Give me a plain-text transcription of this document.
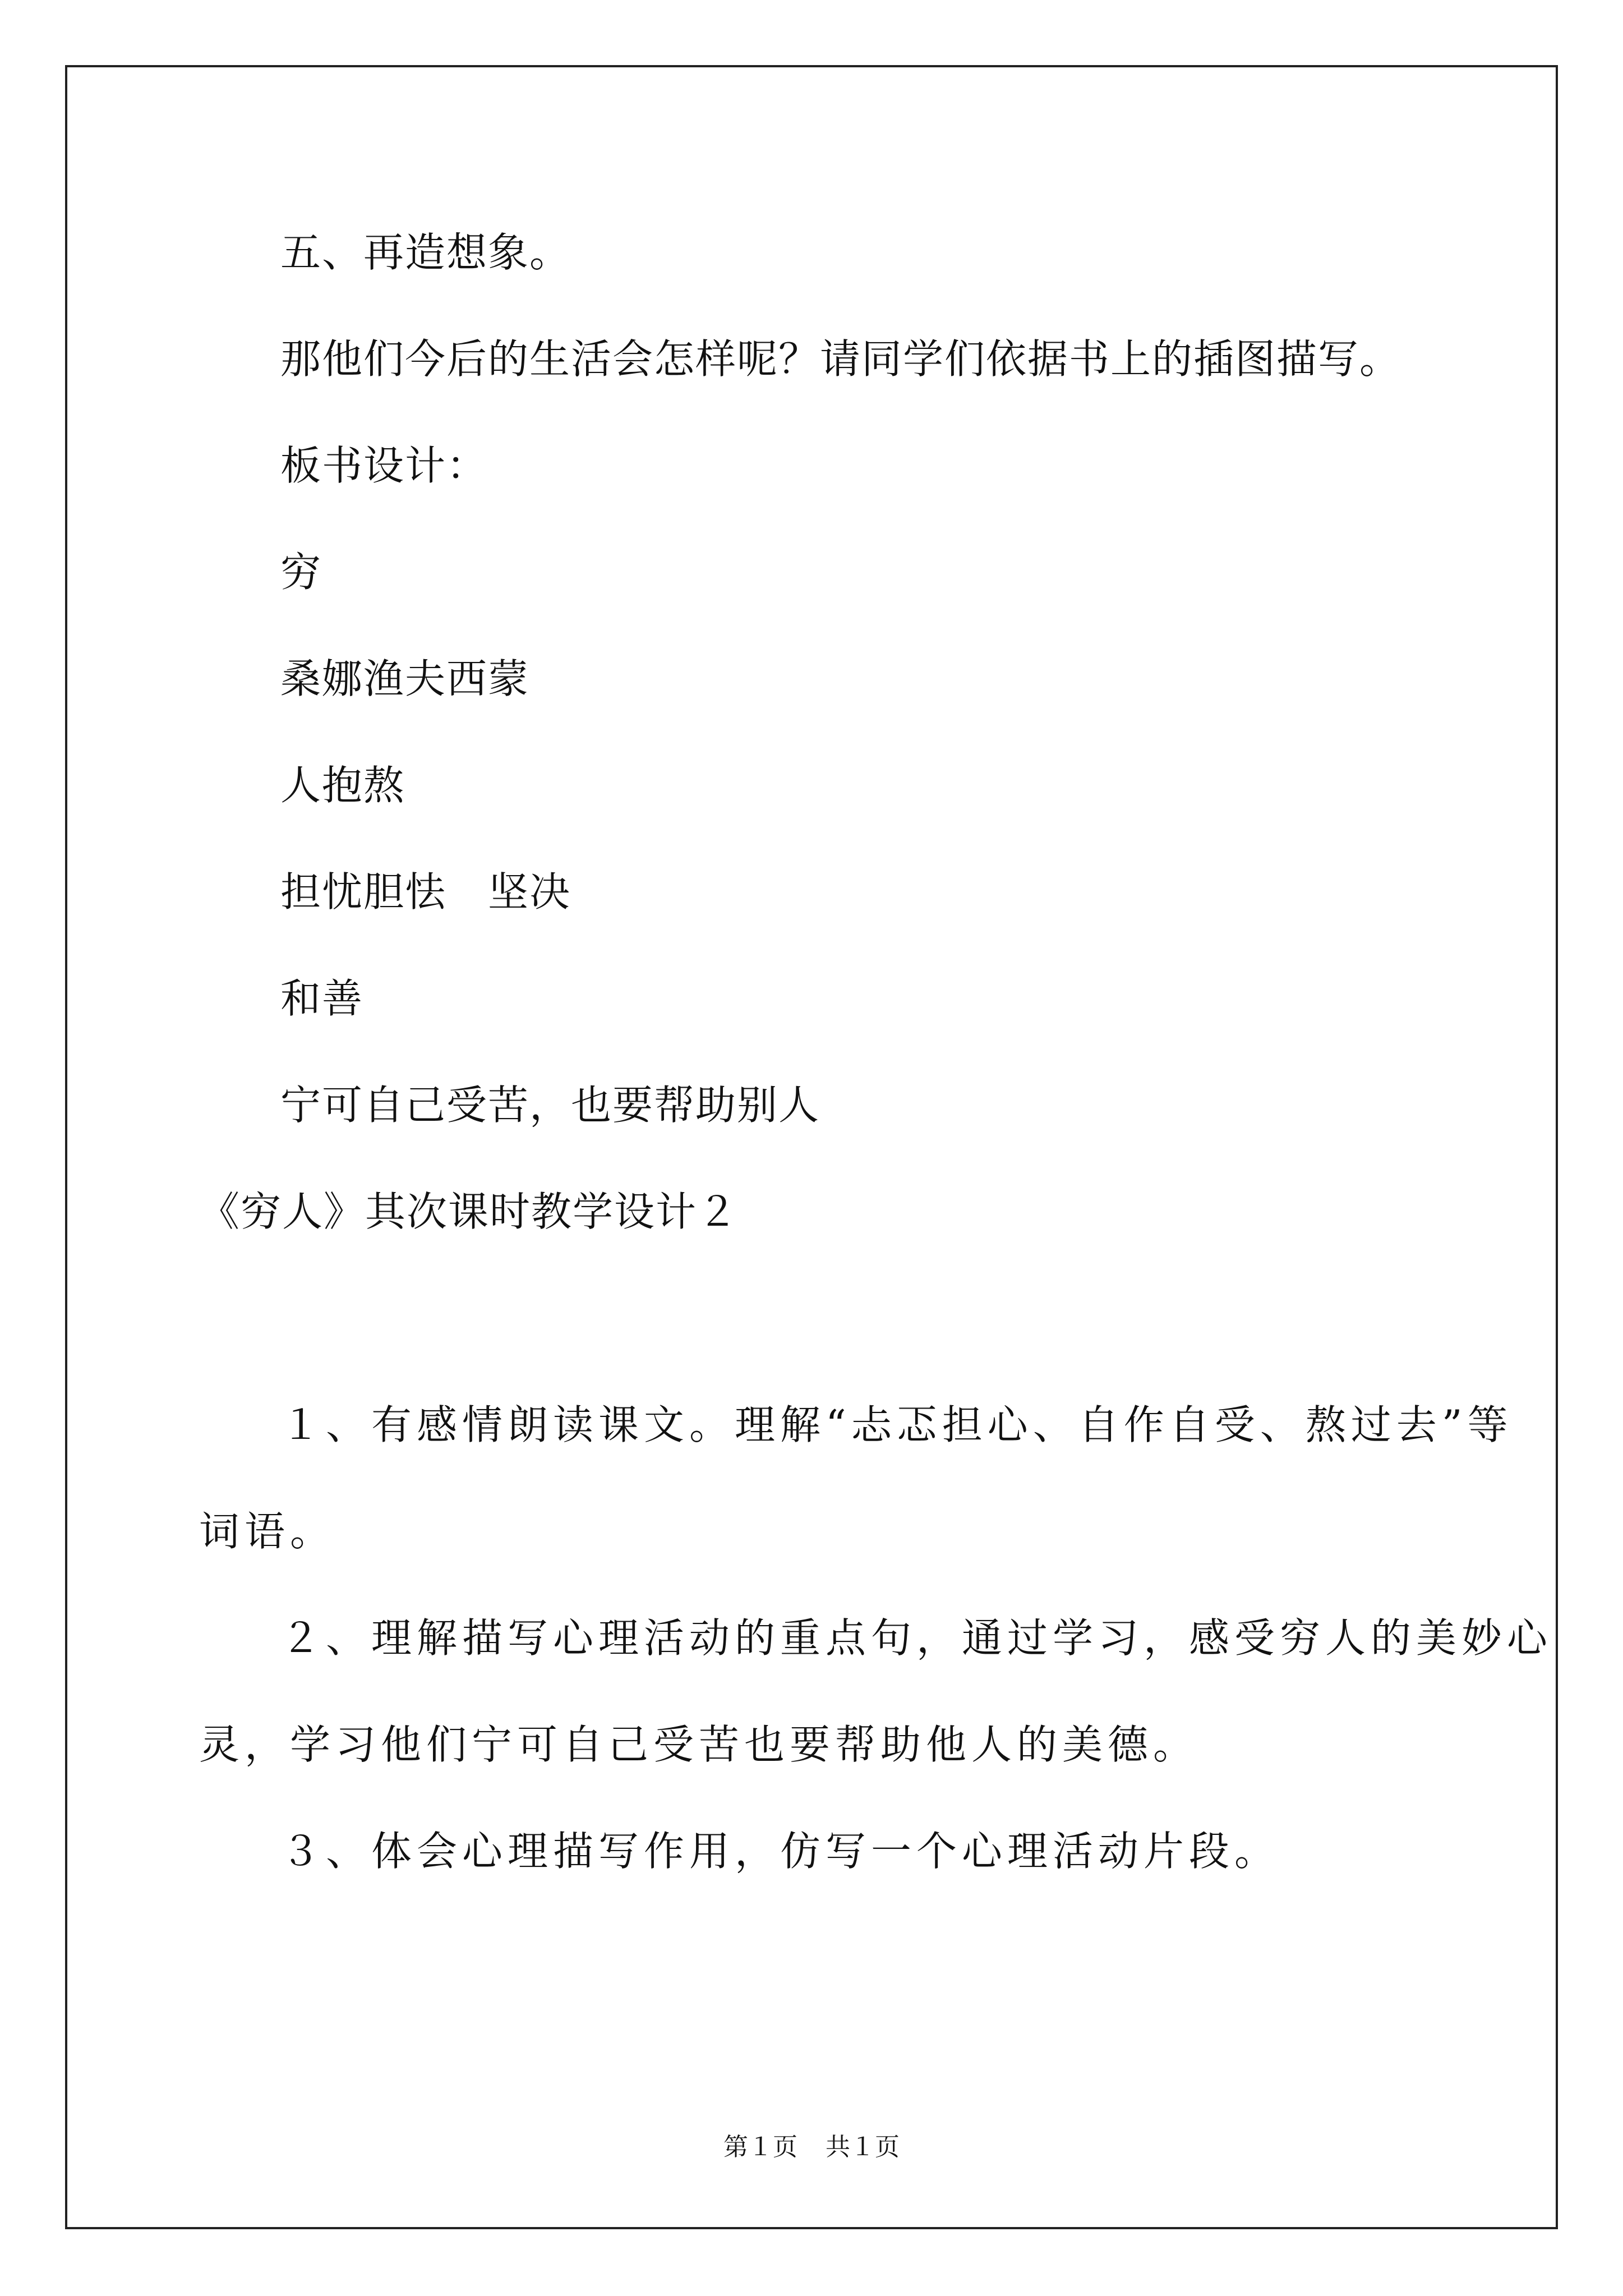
五、再造想象。
那他们今后的生活会怎样呢？请同学们依据书上的插图描写。
板书设计：
穷
桑娜渔夫西蒙
人抱熬
担忧胆怯　坚决
和善
宁可自己受苦，也要帮助别人
《穷人》其次课时教学设计２
１、有感情朗读课文。理解“忐忑担心、自作自受、熬过去”等
词语。
２、理解描写心理活动的重点句，通过学习，感受穷人的美妙心
灵，学习他们宁可自己受苦也要帮助他人的美德。
３、体会心理描写作用，仿写一个心理活动片段。
第１页 共１页
